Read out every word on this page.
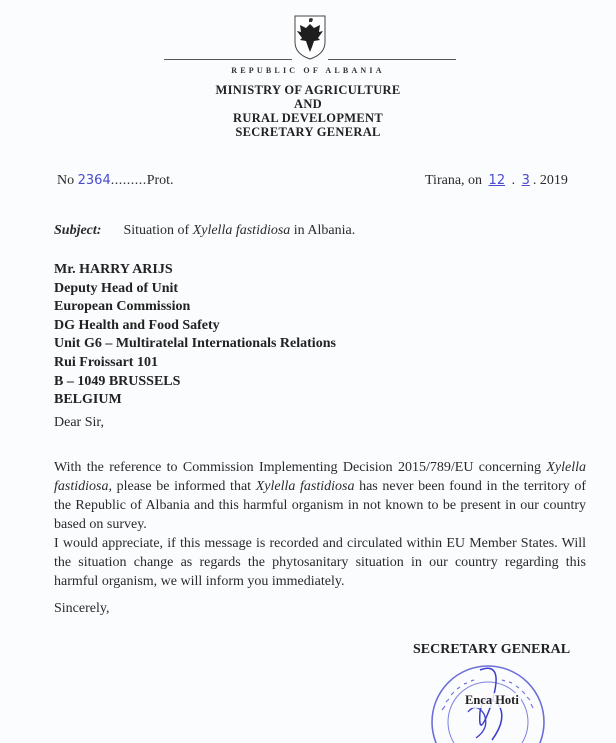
REPUBLIC OF ALBANIA
MINISTRY OF AGRICULTURE
AND
RURAL DEVELOPMENT
SECRETARY GENERAL
No 2364.........Prot.	Tirana, on 12 . 3 . 2019
Subject: Situation of Xylella fastidiosa in Albania.
Mr. HARRY ARIJS
Deputy Head of Unit
European Commission
DG Health and Food Safety
Unit G6 – Multiratelal Internationals Relations
Rui Froissart 101
B – 1049 BRUSSELS
BELGIUM
Dear Sir,

With the reference to Commission Implementing Decision 2015/789/EU concerning Xylella fastidiosa, please be informed that Xylella fastidiosa has never been found in the territory of the Republic of Albania and this harmful organism in not known to be present in our country based on survey.

I would appreciate, if this message is recorded and circulated within EU Member States. Will the situation change as regards the phytosanitary situation in our country regarding this harmful organism, we will inform you immediately.

Sincerely,
SECRETARY GENERAL
Enca Hoti
